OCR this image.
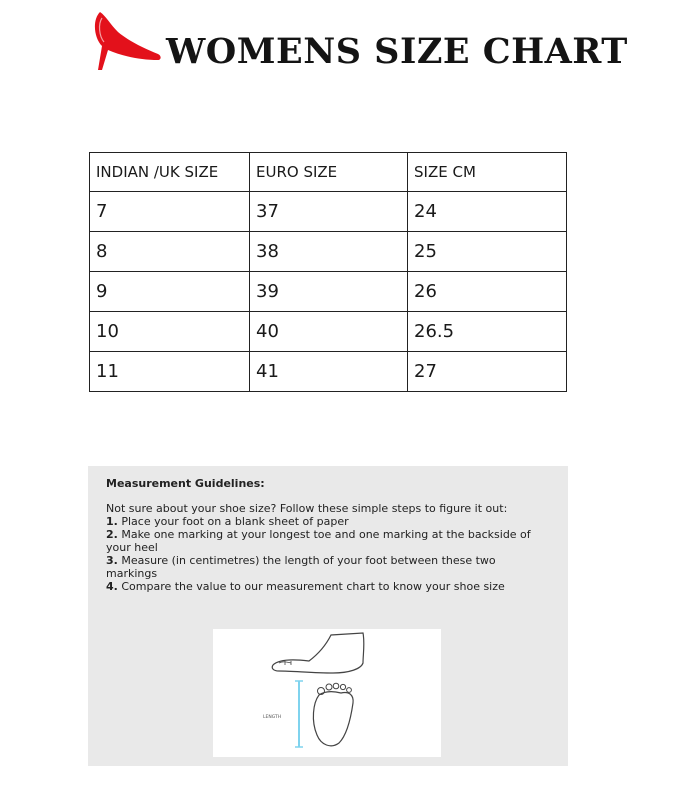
WOMENS SIZE CHART
INDIAN /UK SIZE	EURO SIZE	SIZE CM
7	37	24
8	38	25
9	39	26
10	40	26.5
11	41	27

Measurement Guidelines:

Not sure about your shoe size? Follow these simple steps to figure it out:

1. Place your foot on a blank sheet of paper

2. Make one marking at your longest toe and one marking at the backside of your heel

3. Measure (in centimetres) the length of your foot between these two markings

4. Compare the value to our measurement chart to know your shoe size

LENGTH
